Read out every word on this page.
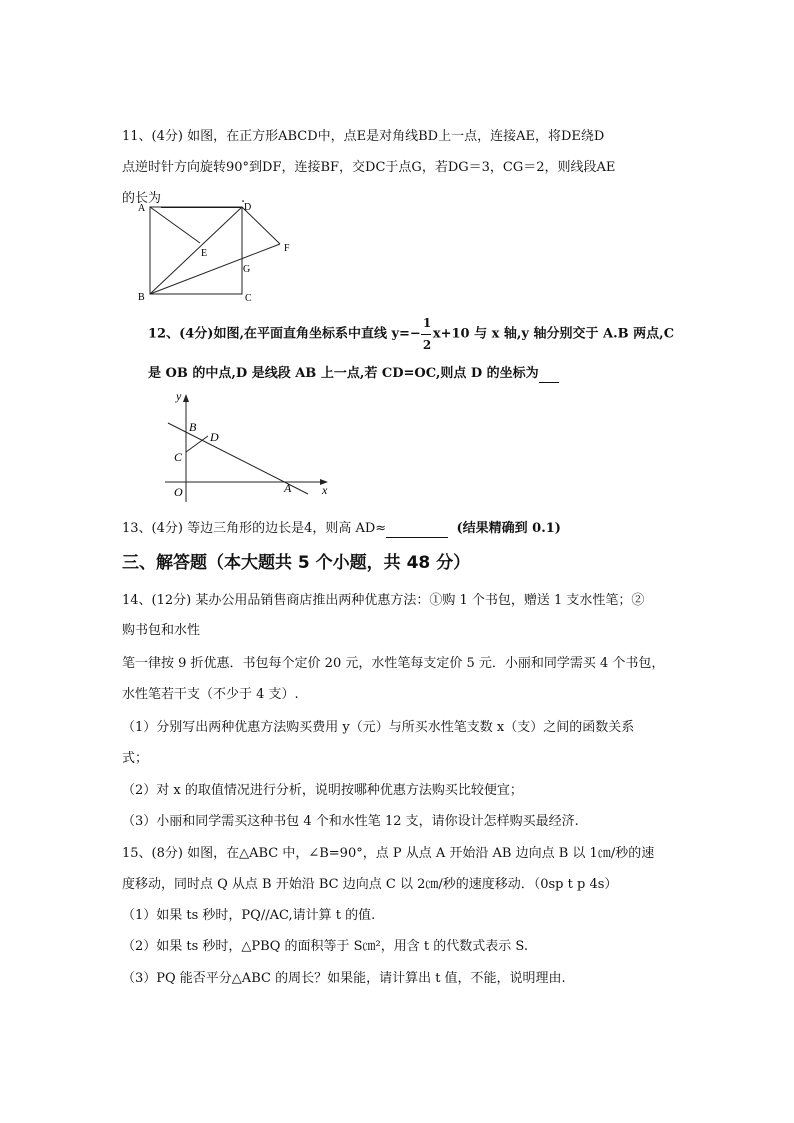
11、(4分) 如图，在正方形ABCD中，点E是对角线BD上一点，连接AE，将DE绕D
点逆时针方向旋转90°到DF，连接BF，交DC于点G，若DG＝3，CG＝2，则线段AE
的长为	.
A	D
B	C
E	F
G
12、(4分)如图,在平面直角坐标系中直线 $y=- \frac{1}{2} x+10$ 与 x 轴,y 轴分别交于 A.B 两点,C
是 OB 的中点,D 是线段 AB 上一点,若 CD=OC,则点 D 的坐标为
y
x
O	A
B
C
D
13、(4分) 等边三角形的边长是4，则高 AD≈	(结果精确到 0.1)
三、解答题（本大题共 5 个小题，共 48 分）
14、(12分) 某办公用品销售商店推出两种优惠方法：①购 1 个书包，赠送 1 支水性笔；②
购书包和水性
笔一律按 9 折优惠．书包每个定价 20 元，水性笔每支定价 5 元．小丽和同学需买 4 个书包，
水性笔若干支（不少于 4 支）.
（1）分别写出两种优惠方法购买费用 y（元）与所买水性笔支数 x（支）之间的函数关系
式；
（2）对 x 的取值情况进行分析，说明按哪种优惠方法购买比较便宜；
（3）小丽和同学需买这种书包 4 个和水性笔 12 支，请你设计怎样购买最经济.
15、(8分) 如图，在△ABC 中，∠B=90°，点 P 从点 A 开始沿 AB 边向点 B 以 1㎝/秒的速
度移动，同时点 Q 从点 B 开始沿 BC 边向点 C 以 2㎝/秒的速度移动．（0sp t p 4s）
（1）如果 ts 秒时，PQ//AC,请计算 t 的值.
（2）如果 ts 秒时，△PBQ 的面积等于 S㎝²，用含 t 的代数式表示 S.
（3）PQ 能否平分△ABC 的周长？如果能，请计算出 t 值，不能，说明理由.
